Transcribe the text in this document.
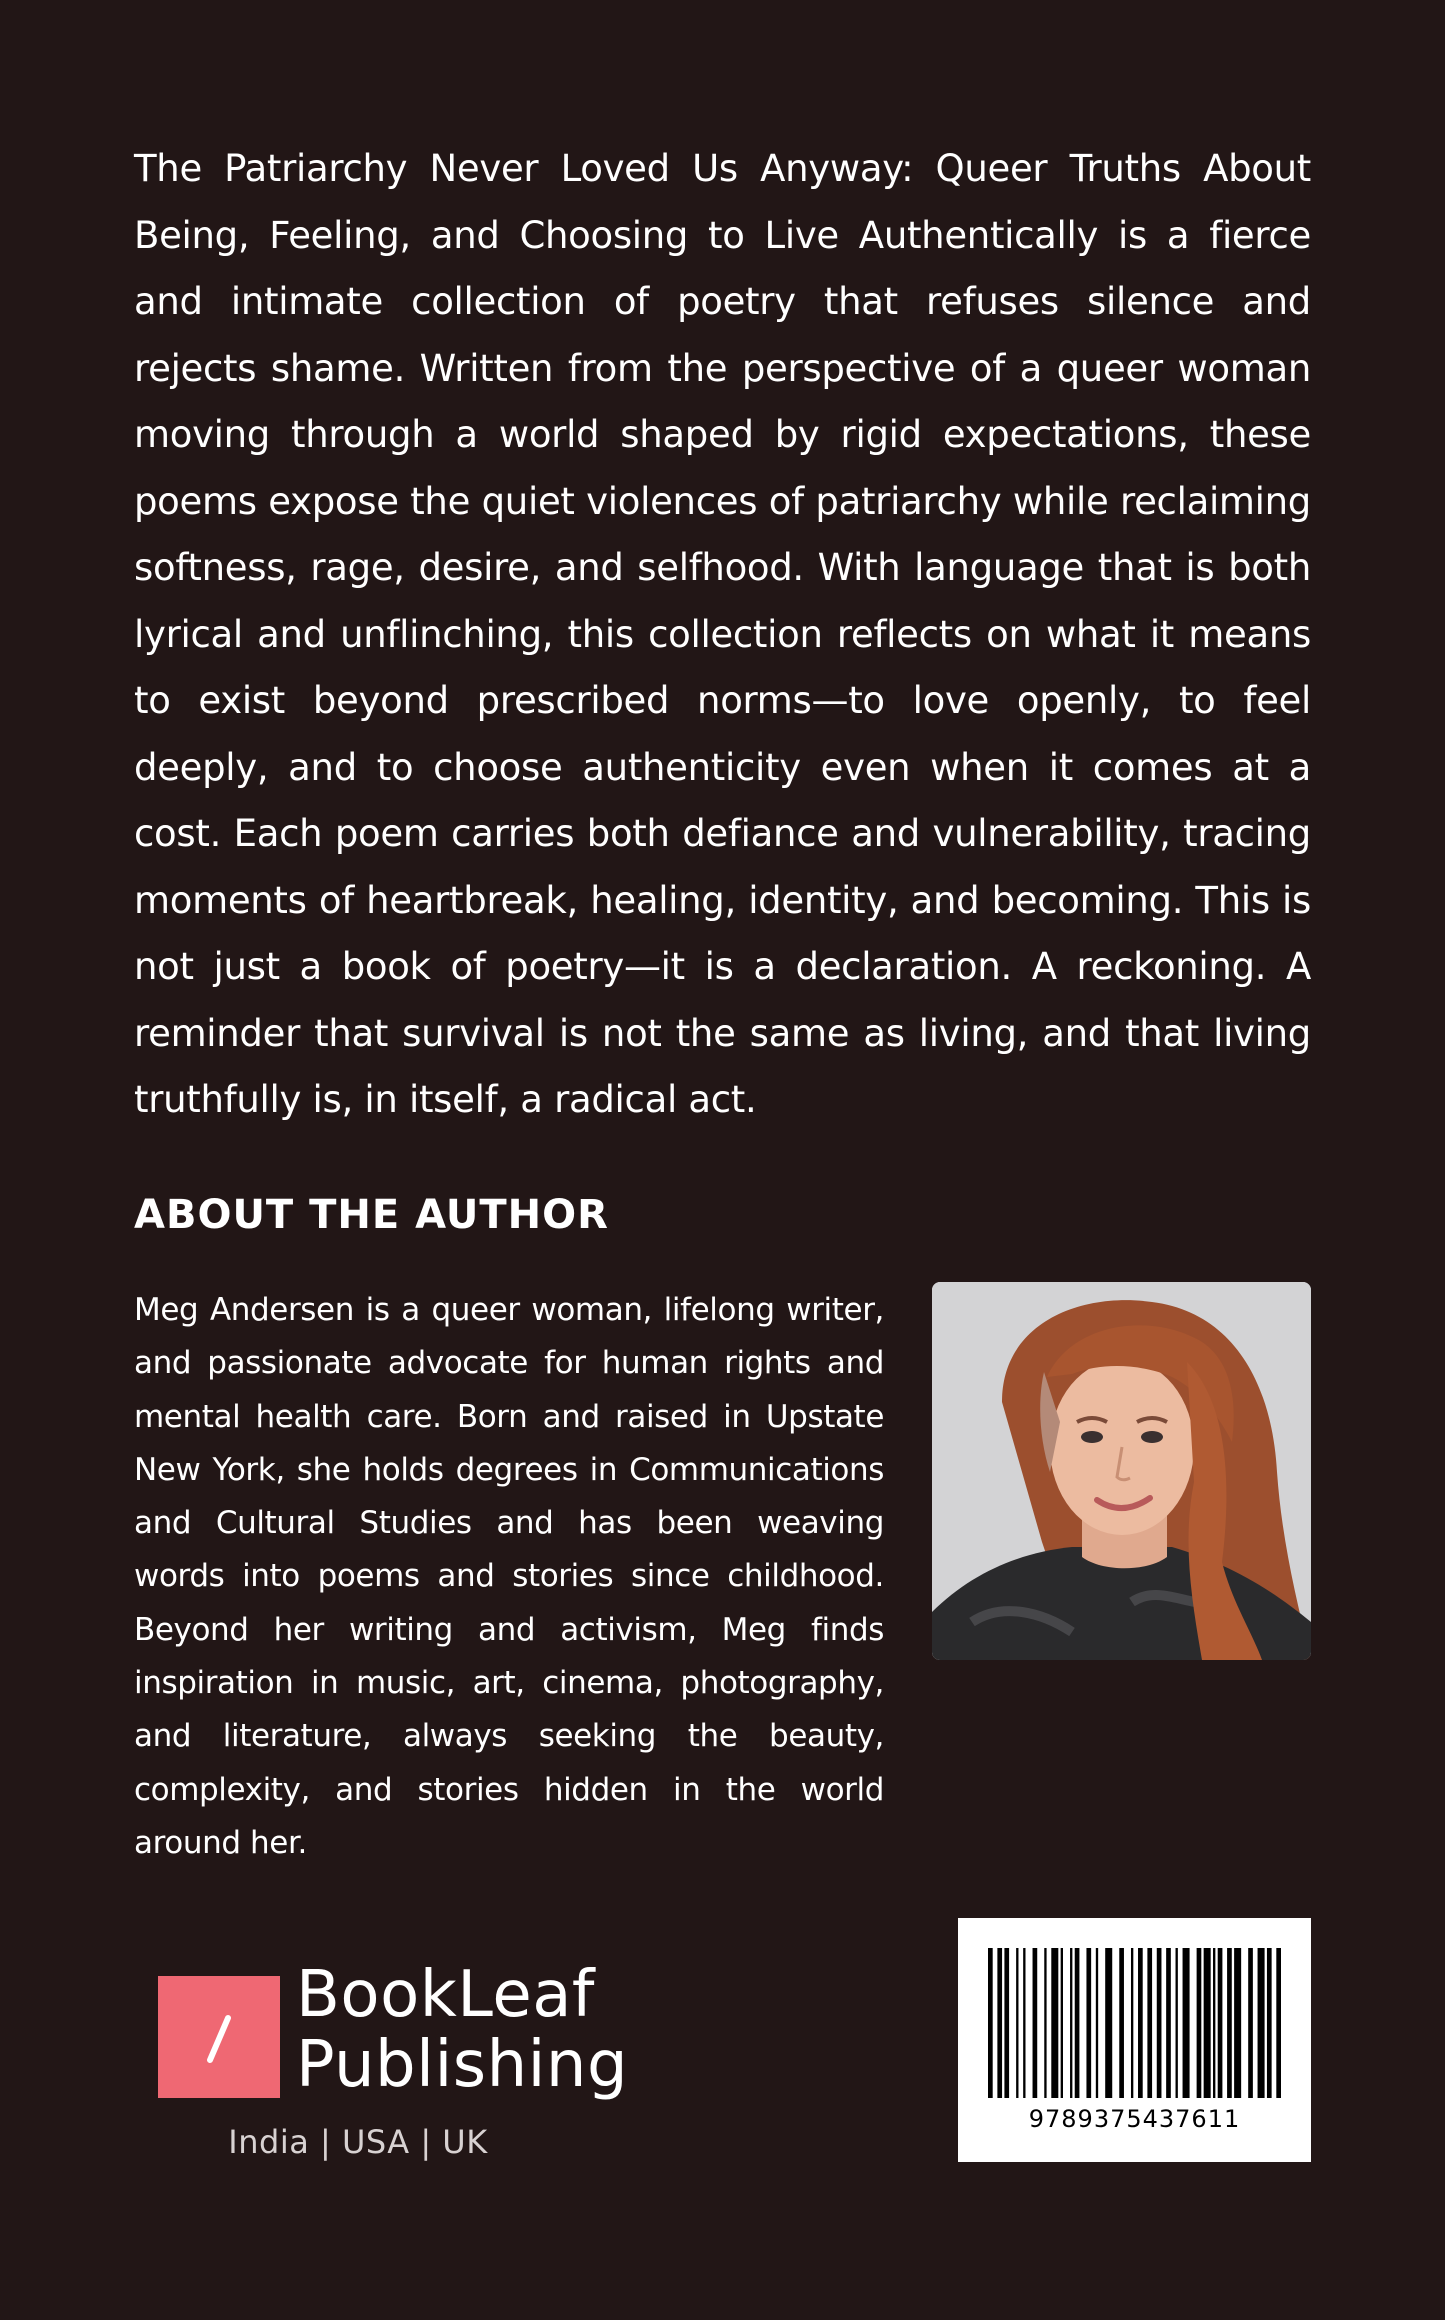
The Patriarchy Never Loved Us Anyway: Queer Truths About Being, Feeling, and Choosing to Live Authentically is a fierce and intimate collection of poetry that refuses silence and rejects shame. Written from the perspective of a queer woman moving through a world shaped by rigid expectations, these poems expose the quiet violences of patriarchy while reclaiming softness, rage, desire, and selfhood. With language that is both lyrical and unflinching, this collection reflects on what it means to exist beyond prescribed norms—to love openly, to feel deeply, and to choose authenticity even when it comes at a cost. Each poem carries both defiance and vulnerability, tracing moments of heartbreak, healing, identity, and becoming. This is not just a book of poetry—it is a declaration. A reckoning. A reminder that survival is not the same as living, and that living truthfully is, in itself, a radical act.

ABOUT THE AUTHOR

Meg Andersen is a queer woman, lifelong writer, and passionate advocate for human rights and mental health care. Born and raised in Upstate New York, she holds degrees in Communications and Cultural Studies and has been weaving words into poems and stories since childhood. Beyond her writing and activism, Meg finds inspiration in music, art, cinema, photography, and literature, always seeking the beauty, complexity, and stories hidden in the world around her.

BookLeaf
Publishing
India | USA | UK
9789375437611
